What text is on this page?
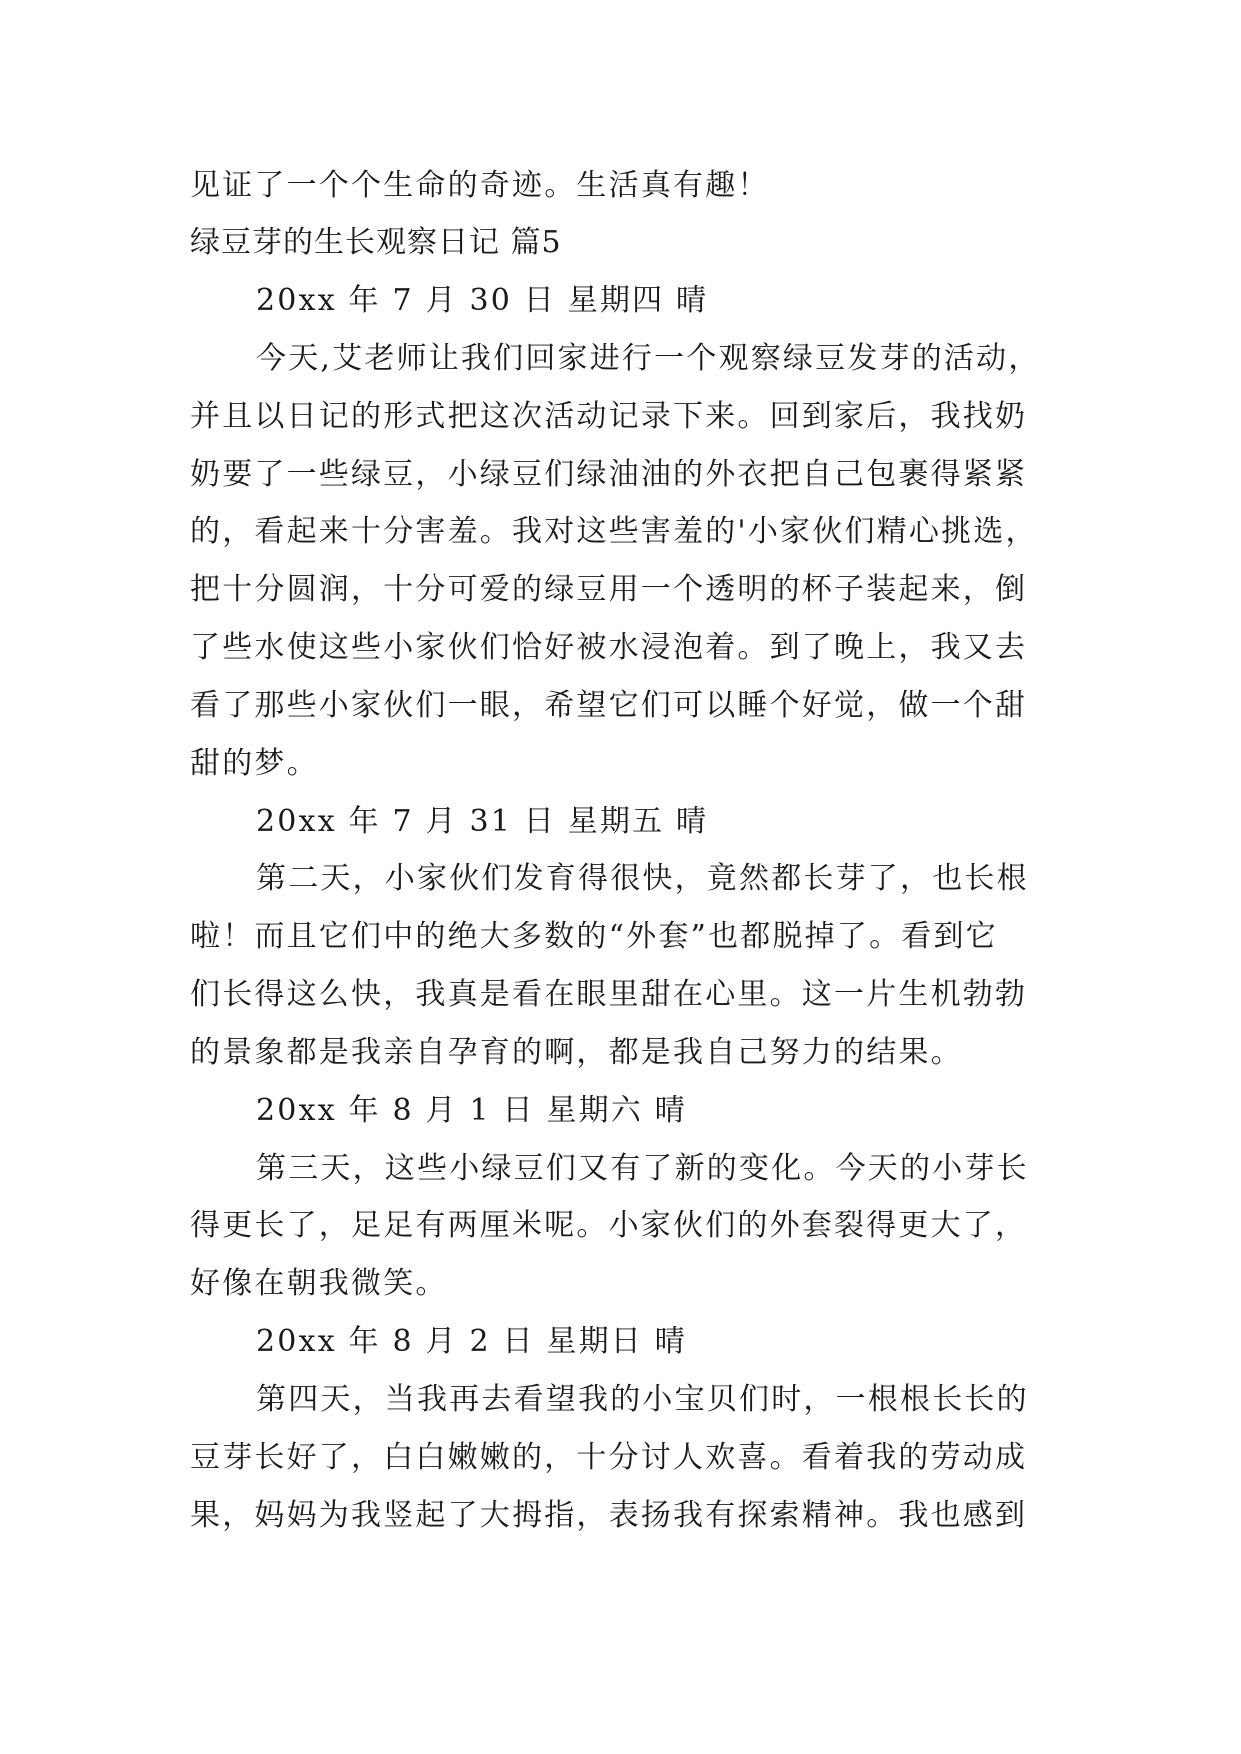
见证了一个个生命的奇迹。生活真有趣！
绿豆芽的生长观察日记 篇5
20xx 年 7 月 30 日 星期四 晴
今天,艾老师让我们回家进行一个观察绿豆发芽的活动，
并且以日记的形式把这次活动记录下来。回到家后，我找奶
奶要了一些绿豆，小绿豆们绿油油的外衣把自己包裹得紧紧
的，看起来十分害羞。我对这些害羞的'小家伙们精心挑选，
把十分圆润，十分可爱的绿豆用一个透明的杯子装起来，倒
了些水使这些小家伙们恰好被水浸泡着。到了晚上，我又去
看了那些小家伙们一眼，希望它们可以睡个好觉，做一个甜
甜的梦。
20xx 年 7 月 31 日 星期五 晴
第二天，小家伙们发育得很快，竟然都长芽了，也长根
啦！而且它们中的绝大多数的“外套”也都脱掉了。看到它
们长得这么快，我真是看在眼里甜在心里。这一片生机勃勃
的景象都是我亲自孕育的啊，都是我自己努力的结果。
20xx 年 8 月 1 日 星期六 晴
第三天，这些小绿豆们又有了新的变化。今天的小芽长
得更长了，足足有两厘米呢。小家伙们的外套裂得更大了，
好像在朝我微笑。
20xx 年 8 月 2 日 星期日 晴
第四天，当我再去看望我的小宝贝们时，一根根长长的
豆芽长好了，白白嫩嫩的，十分讨人欢喜。看着我的劳动成
果，妈妈为我竖起了大拇指，表扬我有探索精神。我也感到
